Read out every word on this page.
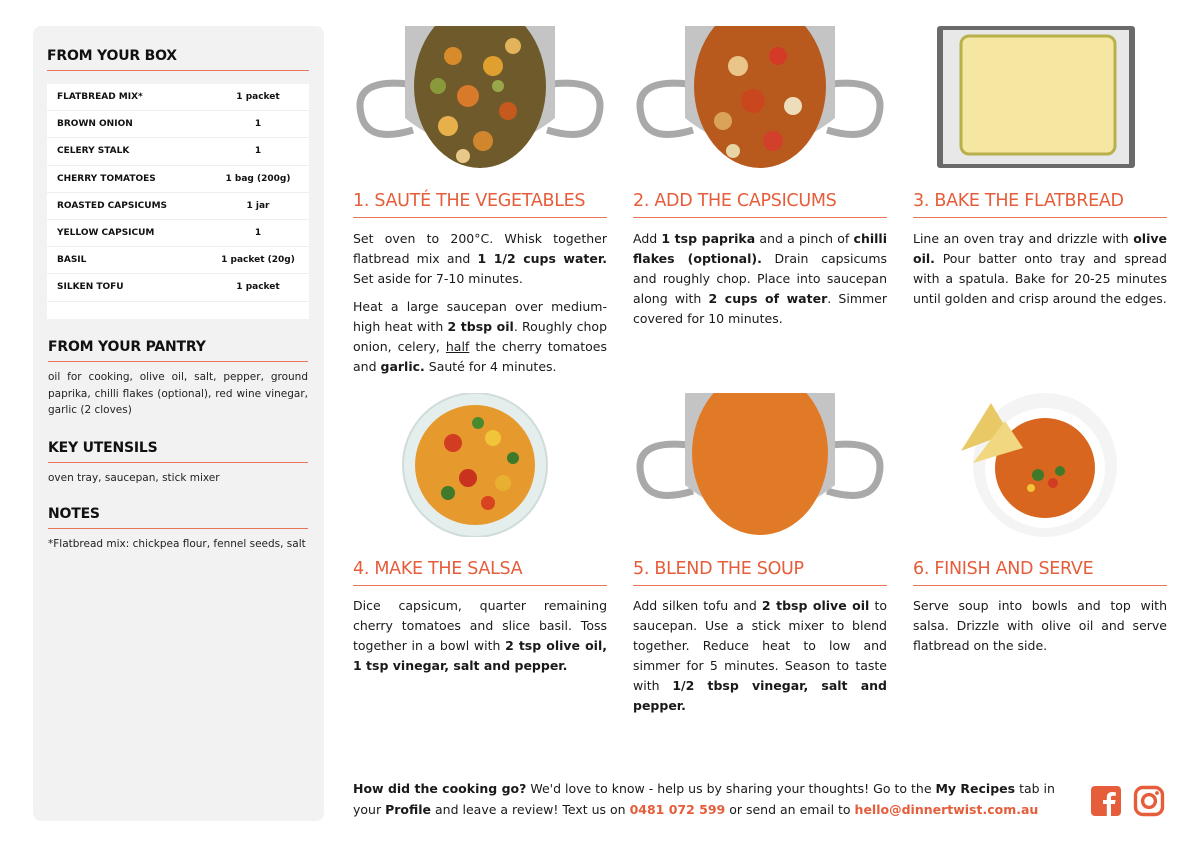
FROM YOUR BOX
FLATBREAD MIX*	1 packet
BROWN ONION	1
CELERY STALK	1
CHERRY TOMATOES	1 bag (200g)
ROASTED CAPSICUMS	1 jar
YELLOW CAPSICUM	1
BASIL	1 packet (20g)
SILKEN TOFU	1 packet
FROM YOUR PANTRY
oil for cooking, olive oil, salt, pepper, ground paprika, chilli flakes (optional), red wine vinegar, garlic (2 cloves)
KEY UTENSILS
oven tray, saucepan, stick mixer
NOTES
*Flatbread mix: chickpea flour, fennel seeds, salt
1. SAUTÉ THE VEGETABLES

Set oven to 200°C. Whisk together flatbread mix and 1 1/2 cups water. Set aside for 7-10 minutes.

Heat a large saucepan over medium-high heat with 2 tbsp oil. Roughly chop onion, celery, half the cherry tomatoes and garlic. Sauté for 4 minutes.

2. ADD THE CAPSICUMS

Add 1 tsp paprika and a pinch of chilli flakes (optional). Drain capsicums and roughly chop. Place into saucepan along with 2 cups of water. Simmer covered for 10 minutes.

3. BAKE THE FLATBREAD

Line an oven tray and drizzle with olive oil. Pour batter onto tray and spread with a spatula. Bake for 20-25 minutes until golden and crisp around the edges.

4. MAKE THE SALSA

Dice capsicum, quarter remaining cherry tomatoes and slice basil. Toss together in a bowl with 2 tsp olive oil, 1 tsp vinegar, salt and pepper.

5. BLEND THE SOUP

Add silken tofu and 2 tbsp olive oil to saucepan. Use a stick mixer to blend together. Reduce heat to low and simmer for 5 minutes. Season to taste with 1/2 tbsp vinegar, salt and pepper.

6. FINISH AND SERVE

Serve soup into bowls and top with salsa. Drizzle with olive oil and serve flatbread on the side.

How did the cooking go? We'd love to know - help us by sharing your thoughts! Go to the My Recipes tab in your Profile and leave a review! Text us on 0481 072 599 or send an email to hello@dinnertwist.com.au
